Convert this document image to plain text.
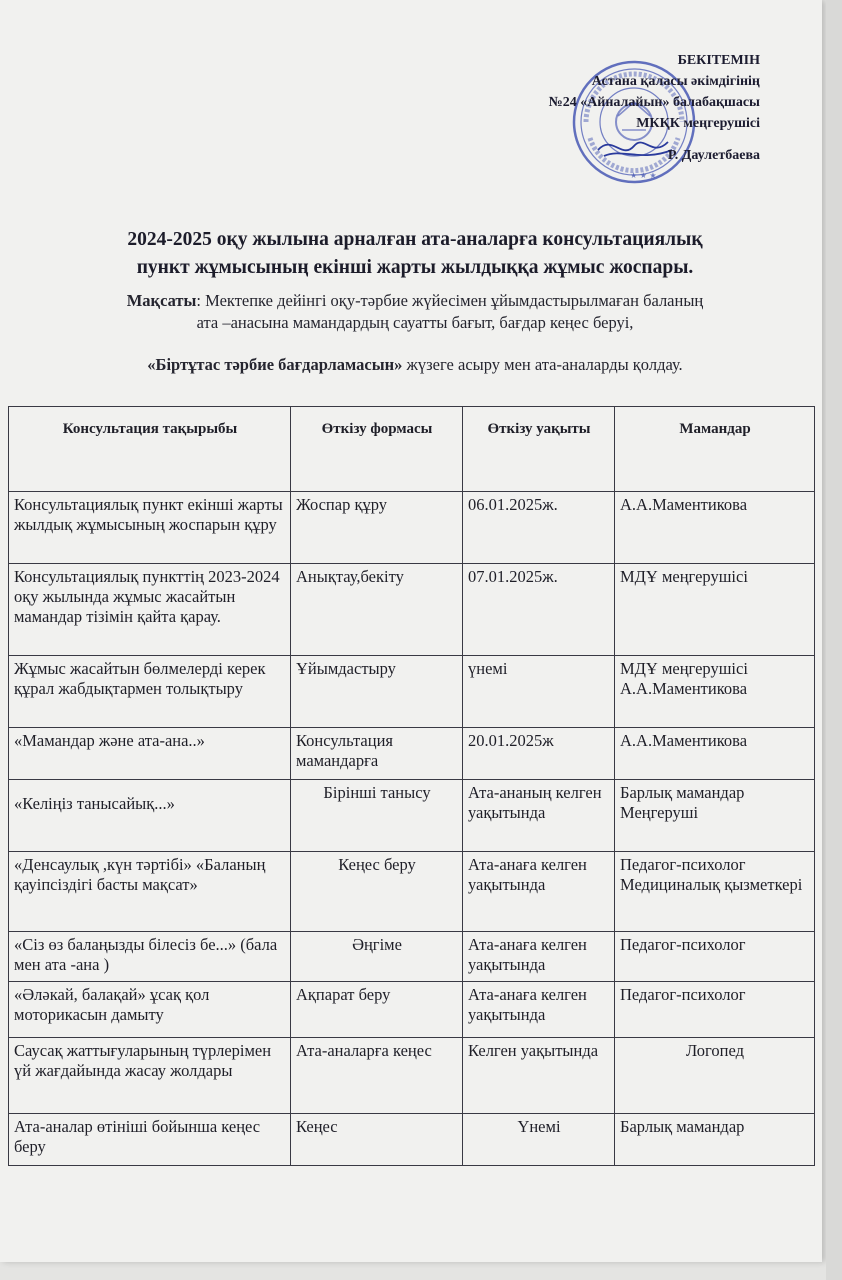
★ ★ ★
БЕКІТЕМІН
Астана қаласы әкімдігінің
№24 «Айналайын» балабақшасы
МКҚК меңгерушісі
Р. Даулетбаева
2024-2025 оқу жылына арналған ата-аналарға консультациялық
пункт жұмысының екінші жарты жылдыққа жұмыс жоспары.
Мақсаты: Мектепке дейінгі оқу-тәрбие жүйесімен ұйымдастырылмаған баланың
ата –анасына мамандардың сауатты бағыт, бағдар кеңес беруі,
«Біртұтас тәрбие бағдарламасын» жүзеге асыру мен ата-аналарды қолдау.
Консультация тақырыбы	Өткізу формасы	Өткізу уақыты	Мамандар
Консультациялық пункт екінші жарты жылдық жұмысының жоспарын құру	Жоспар құру	06.01.2025ж.	А.А.Маментикова
Консультациялық пункттің 2023-2024 оқу жылында жұмыс жасайтын мамандар тізімін қайта қарау.	Анықтау,бекіту	07.01.2025ж.	МДҰ меңгерушісі
Жұмыс жасайтын бөлмелерді керек құрал жабдықтармен толықтыру	Ұйымдастыру	үнемі	МДҰ меңгерушісі А.А.Маментикова
«Мамандар және ата-ана..»	Консультация мамандарға	20.01.2025ж	А.А.Маментикова
«Келіңіз танысайық...»	Бірінші танысу	Ата-ананың келген уақытында	Барлық мамандар Меңгеруші
«Денсаулық ,күн тәртібі» «Баланың қауіпсіздігі басты мақсат»	Кеңес беру	Ата-анаға келген уақытында	Педагог-психолог Медициналық қызметкері
«Сіз өз балаңызды білесіз бе...» (бала мен ата -ана )	Әңгіме	Ата-анаға келген уақытында	Педагог-психолог
«Әләкай, балақай» ұсақ қол моторикасын дамыту	Ақпарат беру	Ата-анаға келген уақытында	Педагог-психолог
Саусақ жаттығуларының түрлерімен үй жағдайында жасау жолдары	Ата-аналарға кеңес	Келген уақытында	Логопед
Ата-аналар өтініші бойынша кеңес беру	Кеңес	Үнемі	Барлық мамандар
